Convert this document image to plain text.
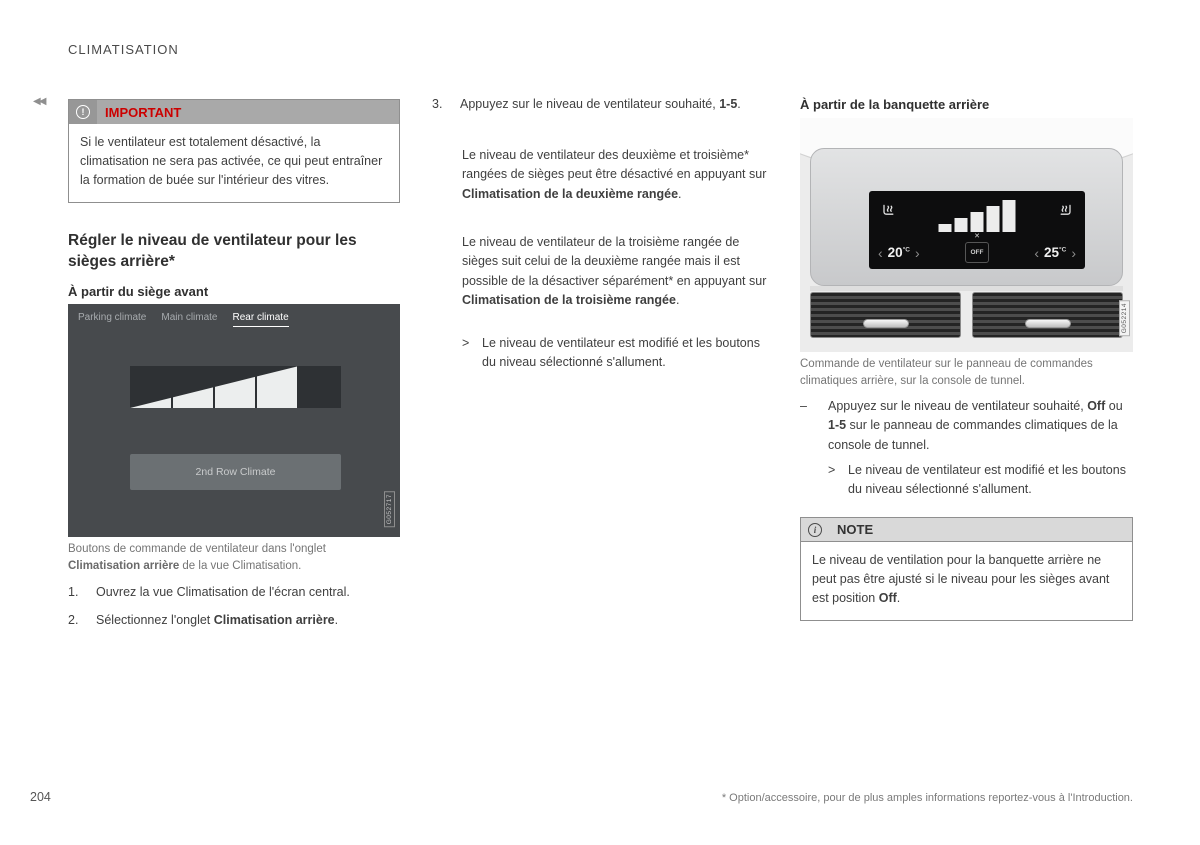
CLIMATISATION
◀◀
!	IMPORTANT
Si le ventilateur est totalement désactivé, la climatisation ne sera pas activée, ce qui peut entraîner la formation de buée sur l'intérieur des vitres.
Régler le niveau de ventilateur pour les sièges arrière*
À partir du siège avant
Parking climate Main climate Rear climate
2nd Row Climate
G052717

Boutons de commande de ventilateur dans l'onglet Climatisation arrière de la vue Climatisation.

1.	Ouvrez la vue Climatisation de l'écran central.
2.	Sélectionnez l'onglet Climatisation arrière.
3.	Appuyez sur le niveau de ventilateur souhaité, 1-5.

Le niveau de ventilateur des deuxième et troisième* rangées de sièges peut être désactivé en appuyant sur Climatisation de la deuxième rangée.

Le niveau de ventilateur de la troisième rangée de sièges suit celui de la deuxième rangée mais il est possible de la désactiver séparément* en appuyant sur Climatisation de la troisième rangée.

>	Le niveau de ventilateur est modifié et les boutons du niveau sélectionné s'allument.
À partir de la banquette arrière
✕
‹ $20^{^\circ C}$ ›	OFF	‹ $25^{^\circ C}$ ›
G052214

Commande de ventilateur sur le panneau de commandes climatiques arrière, sur la console de tunnel.

–	Appuyez sur le niveau de ventilateur souhaité, Off ou 1-5 sur le panneau de commandes climatiques de la console de tunnel.
>	Le niveau de ventilateur est modifié et les boutons du niveau sélectionné s'allument.
i	NOTE
Le niveau de ventilation pour la banquette arrière ne peut pas être ajusté si le niveau pour les sièges avant est position Off.
204	* Option/accessoire, pour de plus amples informations reportez-vous à l'Introduction.
